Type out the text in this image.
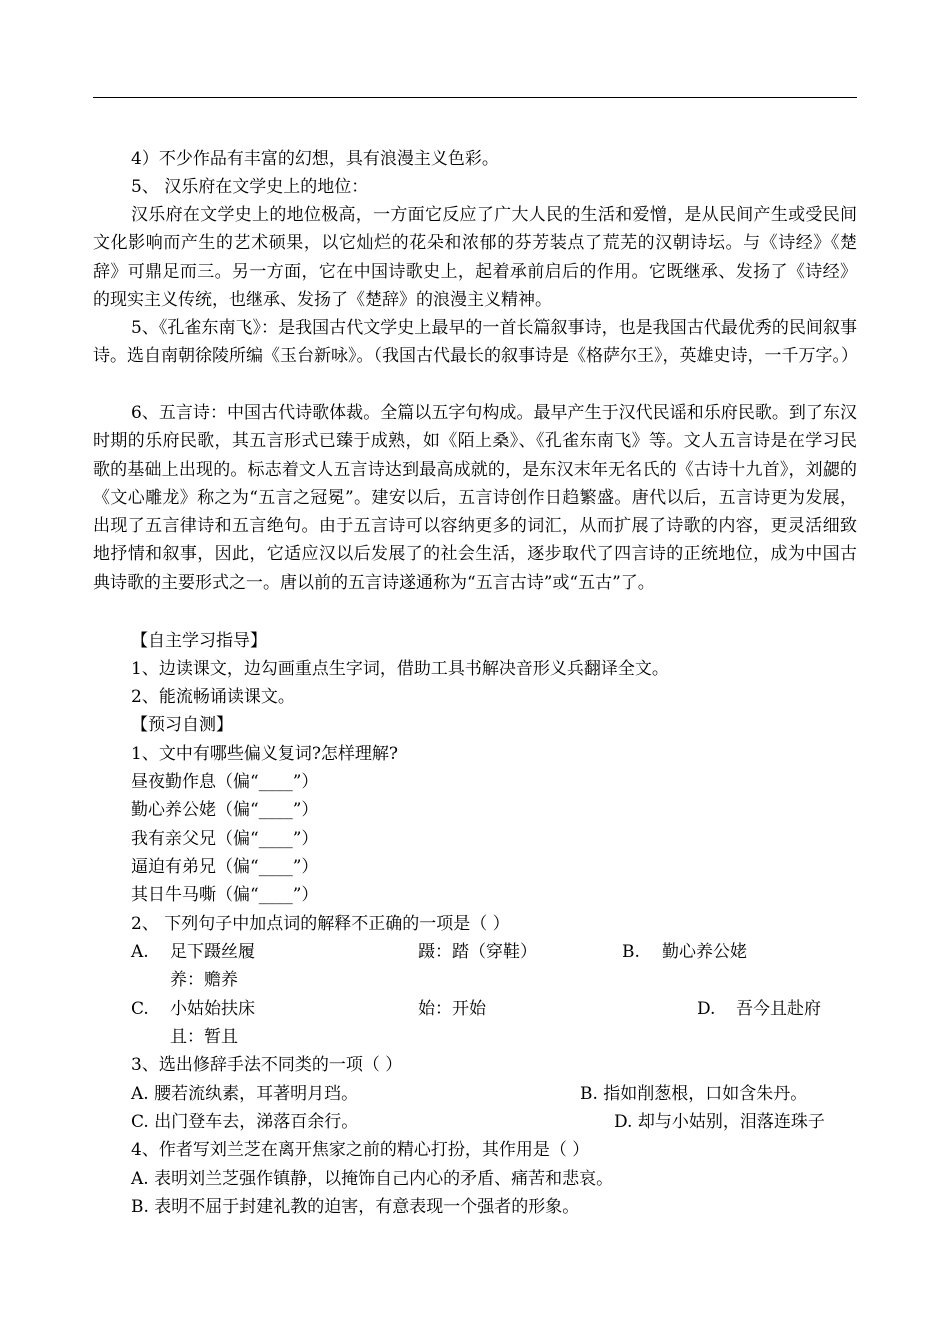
4）不少作品有丰富的幻想，具有浪漫主义色彩。
5、 汉乐府在文学史上的地位：
汉乐府在文学史上的地位极高，一方面它反应了广大人民的生活和爱憎，是从民间产生或受民间文化影响而产生的艺术硕果，以它灿烂的花朵和浓郁的芬芳装点了荒芜的汉朝诗坛。与《诗经》《楚辞》可鼎足而三。另一方面，它在中国诗歌史上，起着承前启后的作用。它既继承、发扬了《诗经》的现实主义传统，也继承、发扬了《楚辞》的浪漫主义精神。
5、《孔雀东南飞》：是我国古代文学史上最早的一首长篇叙事诗，也是我国古代最优秀的民间叙事诗。选自南朝徐陵所编《玉台新咏》。（我国古代最长的叙事诗是《格萨尔王》，英雄史诗，一千万字。）
6、五言诗：中国古代诗歌体裁。全篇以五字句构成。最早产生于汉代民谣和乐府民歌。到了东汉时期的乐府民歌，其五言形式已臻于成熟，如《陌上桑》、《孔雀东南飞》等。文人五言诗是在学习民歌的基础上出现的。标志着文人五言诗达到最高成就的，是东汉末年无名氏的《古诗十九首》，刘勰的《文心雕龙》称之为“五言之冠冕”。建安以后，五言诗创作日趋繁盛。唐代以后，五言诗更为发展，出现了五言律诗和五言绝句。由于五言诗可以容纳更多的词汇，从而扩展了诗歌的内容，更灵活细致地抒情和叙事，因此，它适应汉以后发展了的社会生活，逐步取代了四言诗的正统地位，成为中国古典诗歌的主要形式之一。唐以前的五言诗遂通称为“五言古诗”或“五古”了。
【自主学习指导】
1、边读课文，边勾画重点生字词，借助工具书解决音形义兵翻译全文。
2、能流畅诵读课文。
【预习自测】
1、文中有哪些偏义复词?怎样理解?
昼夜勤作息（偏“____”）
勤心养公姥（偏“____”）
我有亲父兄（偏“____”）
逼迫有弟兄（偏“____”）
其日牛马嘶（偏“____”）
2、 下列句子中加点词的解释不正确的一项是（ ）
A. 足下蹑丝履	蹑：踏（穿鞋）	B. 勤心养公姥
养：赡养
C. 小姑始扶床	始：开始	D. 吾今且赴府
且：暂且
3、选出修辞手法不同类的一项（ ）
A. 腰若流纨素，耳著明月珰。	B. 指如削葱根，口如含朱丹。
C. 出门登车去，涕落百余行。	D. 却与小姑别，泪落连珠子
4、作者写刘兰芝在离开焦家之前的精心打扮，其作用是（ ）
A. 表明刘兰芝强作镇静，以掩饰自己内心的矛盾、痛苦和悲哀。
B. 表明不屈于封建礼教的迫害，有意表现一个强者的形象。
